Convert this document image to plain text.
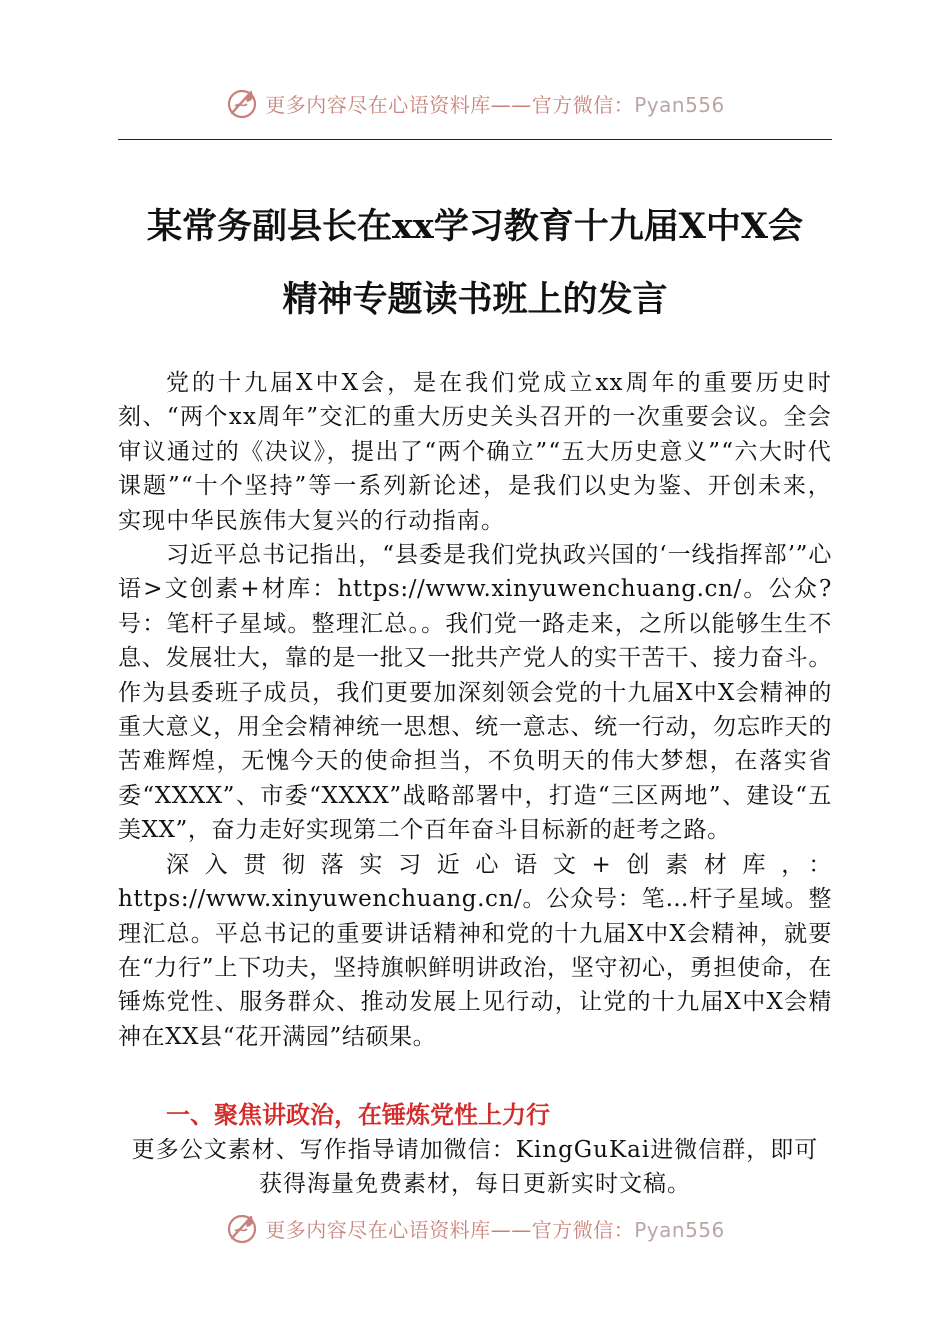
更多内容尽在心语资料库——官方微信：Pyan556
某常务副县长在xx学习教育十九届X中X会
精神专题读书班上的发言

党的十九届X中X会，是在我们党成立xx周年的重要历史时刻、“两个xx周年”交汇的重大历史关头召开的一次重要会议。全会审议通过的《决议》，提出了“两个确立”“五大历史意义”“六大时代课题”“十个坚持”等一系列新论述，是我们以史为鉴、开创未来，实现中华民族伟大复兴的行动指南。

习近平总书记指出，“县委是我们党执政兴国的‘一线指挥部’”心语>文创素+材库：https://www.xinyuwenchuang.cn/。公众?号：笔杆子星域。整理汇总。。我们党一路走来，之所以能够生生不息、发展壮大，靠的是一批又一批共产党人的实干苦干、接力奋斗。作为县委班子成员，我们更要加深刻领会党的十九届X中X会精神的重大意义，用全会精神统一思想、统一意志、统一行动，勿忘昨天的苦难辉煌，无愧今天的使命担当，不负明天的伟大梦想，在落实省委“XXXX”、市委“XXXX”战略部署中，打造“三区两地”、建设“五美XX”，奋力走好实现第二个百年奋斗目标新的赶考之路。

深入贯彻落实习近心语文+创素材库，：https://www.xinyuwenchuang.cn/。公众号：笔…杆子星域。整理汇总。平总书记的重要讲话精神和党的十九届X中X会精神，就要在“力行”上下功夫，坚持旗帜鲜明讲政治，坚守初心，勇担使命，在锤炼党性、服务群众、推动发展上见行动，让党的十九届X中X会精神在XX县“花开满园”结硕果。

一、聚焦讲政治，在锤炼党性上力行
更多公文素材、写作指导请加微信：KingGuKai进微信群，即可
获得海量免费素材，每日更新实时文稿。
更多内容尽在心语资料库——官方微信：Pyan556
